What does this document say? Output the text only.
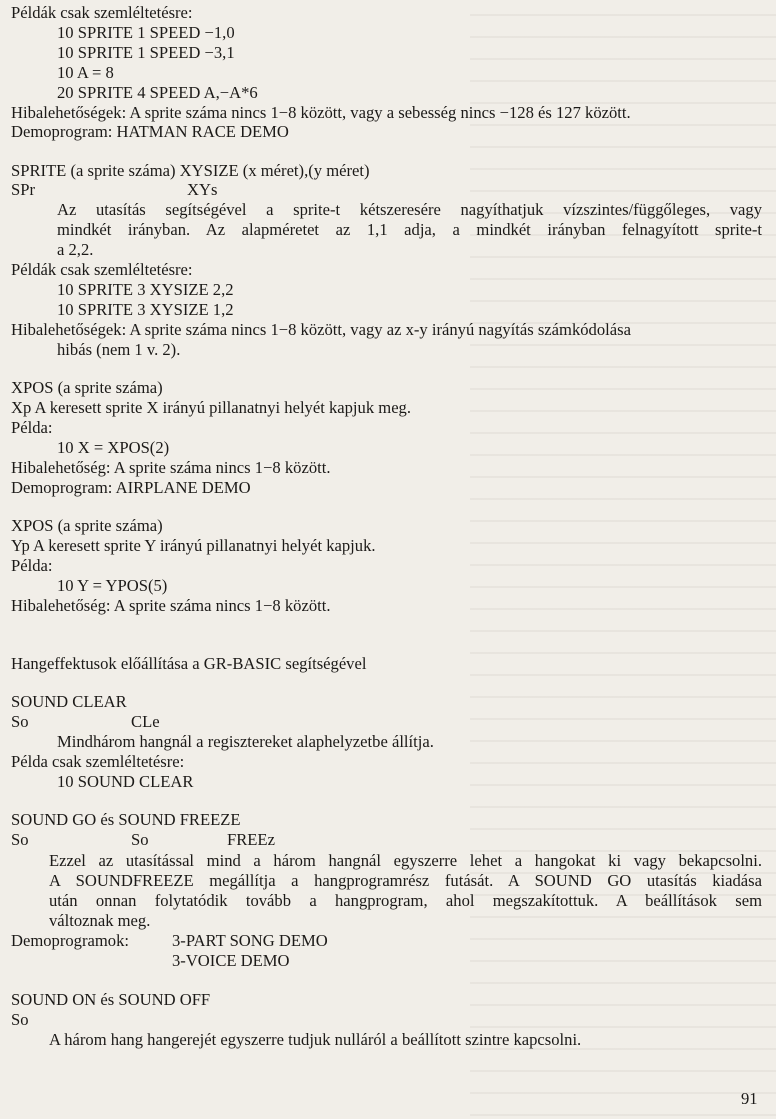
Példák csak szemléltetésre:
10 SPRITE 1 SPEED −1,0
10 SPRITE 1 SPEED −3,1
10 A = 8
20 SPRITE 4 SPEED A,−A*6
Hibalehetőségek: A sprite száma nincs 1−8 között, vagy a sebesség nincs −128 és 127 között.
Demoprogram: HATMAN RACE DEMO
SPRITE (a sprite száma) XYSIZE (x méret),(y méret)
SPr	XYs
Az utasítás segítségével a sprite-t kétszeresére nagyíthatjuk vízszintes/függőleges, vagy
mindkét irányban. Az alapméretet az 1,1 adja, a mindkét irányban felnagyított sprite-t
a 2,2.
Példák csak szemléltetésre:
10 SPRITE 3 XYSIZE 2,2
10 SPRITE 3 XYSIZE 1,2
Hibalehetőségek: A sprite száma nincs 1−8 között, vagy az x-y irányú nagyítás számkódolása
hibás (nem 1 v. 2).
XPOS (a sprite száma)
Xp A keresett sprite X irányú pillanatnyi helyét kapjuk meg.
Példa:
10 X = XPOS(2)
Hibalehetőség: A sprite száma nincs 1−8 között.
Demoprogram: AIRPLANE DEMO
XPOS (a sprite száma)
Yp A keresett sprite Y irányú pillanatnyi helyét kapjuk.
Példa:
10 Y = YPOS(5)
Hibalehetőség: A sprite száma nincs 1−8 között.
Hangeffektusok előállítása a GR-BASIC segítségével
SOUND CLEAR
So	CLe
Mindhárom hangnál a regisztereket alaphelyzetbe állítja.
Példa csak szemléltetésre:
10 SOUND CLEAR
SOUND GO és SOUND FREEZE
So	So	FREEz
Ezzel az utasítással mind a három hangnál egyszerre lehet a hangokat ki vagy bekapcsolni.
A SOUNDFREEZE megállítja a hangprogramrész futását. A SOUND GO utasítás kiadása
után onnan folytatódik tovább a hangprogram, ahol megszakítottuk. A beállítások sem
változnak meg.
Demoprogramok:	3-PART SONG DEMO
3-VOICE DEMO
SOUND ON és SOUND OFF
So
A három hang hangerejét egyszerre tudjuk nulláról a beállított szintre kapcsolni.
91
